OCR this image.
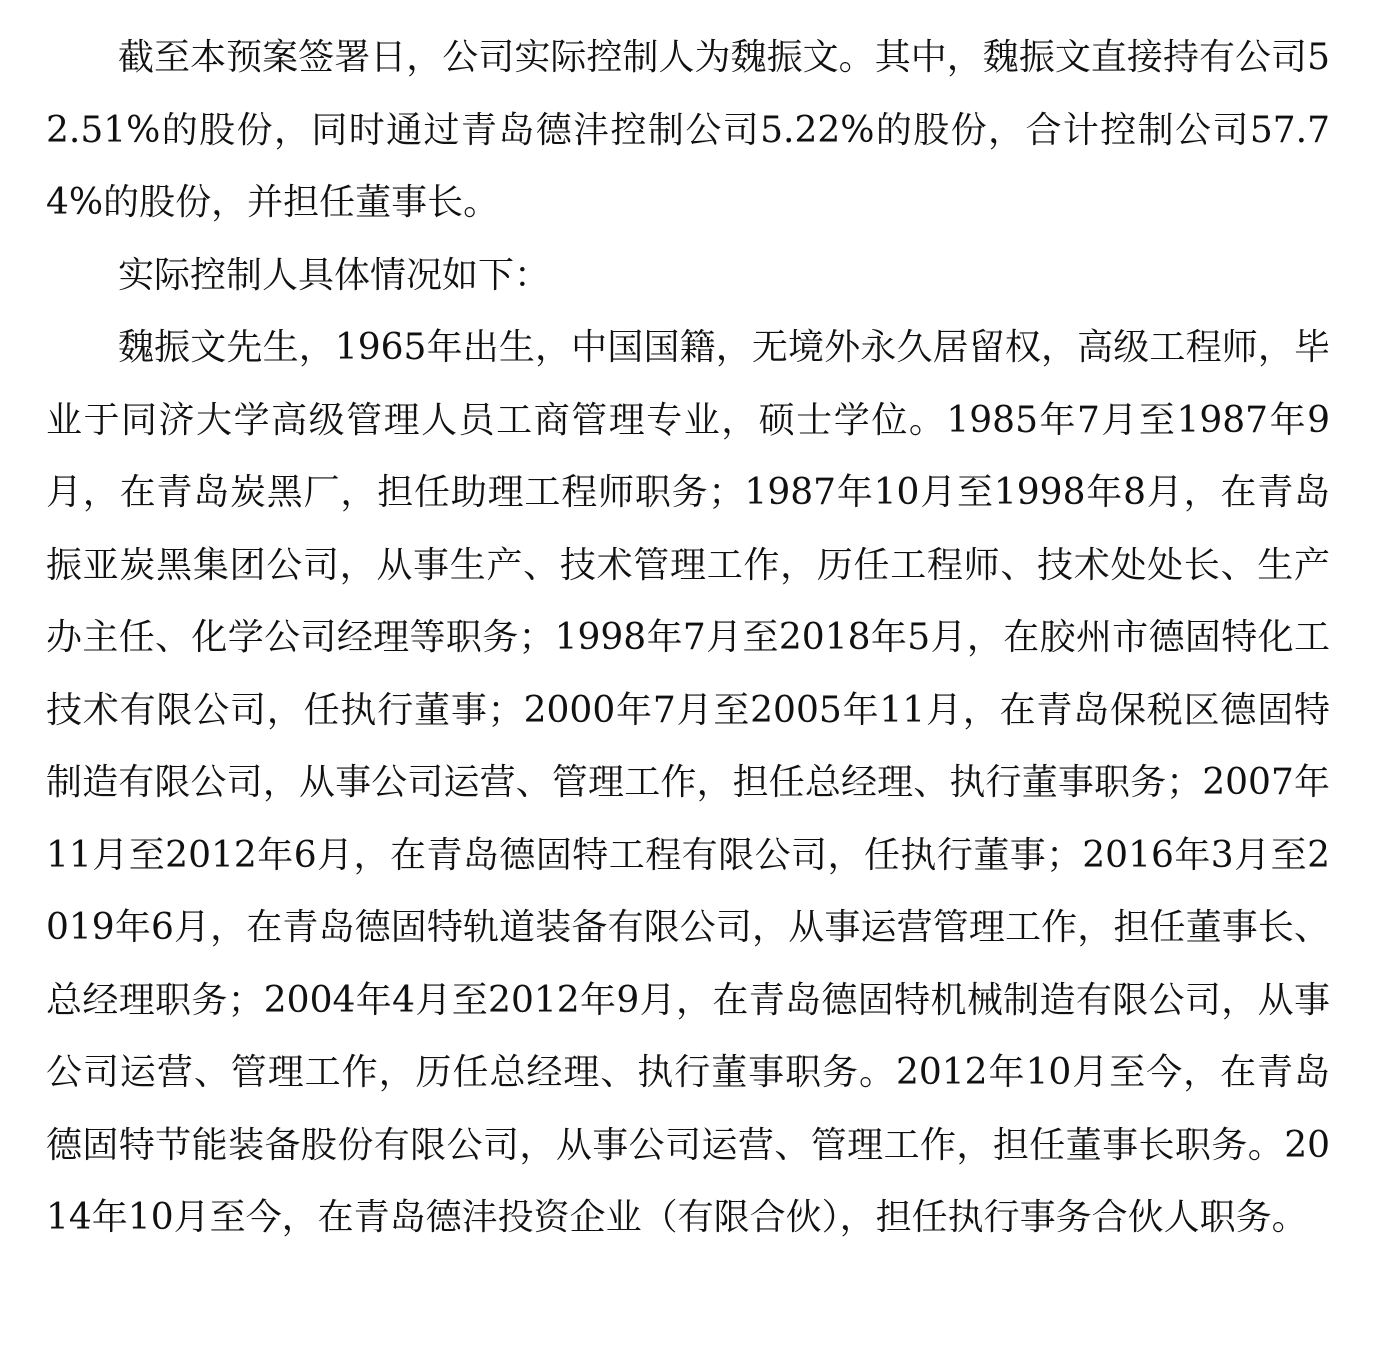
截至本预案签署日，公司实际控制人为魏振文。其中，魏振文直接持有公司52.51%的股份，同时通过青岛德沣控制公司5.22%的股份，合计控制公司57.74%的股份，并担任董事长。

实际控制人具体情况如下：

魏振文先生，1965年出生，中国国籍，无境外永久居留权，高级工程师，毕业于同济大学高级管理人员工商管理专业，硕士学位。1985年7月至1987年9月，在青岛炭黑厂，担任助理工程师职务；1987年10月至1998年8月，在青岛振亚炭黑集团公司，从事生产、技术管理工作，历任工程师、技术处处长、生产办主任、化学公司经理等职务；1998年7月至2018年5月，在胶州市德固特化工技术有限公司，任执行董事；2000年7月至2005年11月，在青岛保税区德固特制造有限公司，从事公司运营、管理工作，担任总经理、执行董事职务；2007年11月至2012年6月，在青岛德固特工程有限公司，任执行董事；2016年3月至2019年6月，在青岛德固特轨道装备有限公司，从事运营管理工作，担任董事长、总经理职务；2004年4月至2012年9月，在青岛德固特机械制造有限公司，从事公司运营、管理工作，历任总经理、执行董事职务。2012年10月至今，在青岛德固特节能装备股份有限公司，从事公司运营、管理工作，担任董事长职务。2014年10月至今，在青岛德沣投资企业（有限合伙），担任执行事务合伙人职务。
